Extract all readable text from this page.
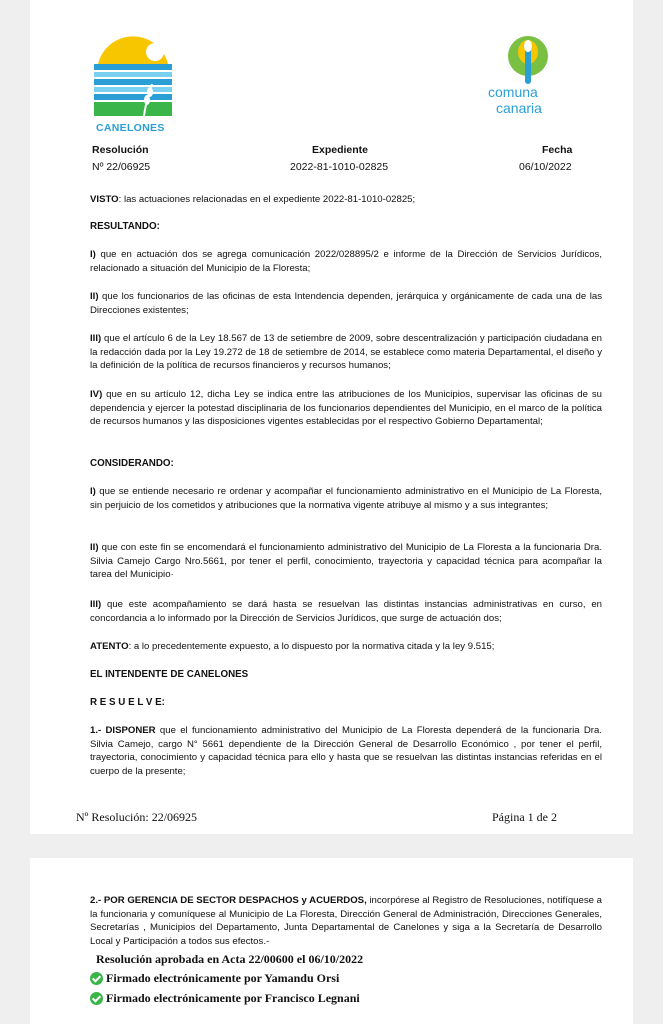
CANELONES
comuna
canaria
Resolución	Expediente	Fecha
Nº 22/06925	2022-81-1010-02825	06/10/2022
VISTO: las actuaciones relacionadas en el expediente 2022-81-1010-02825;
RESULTANDO:
I) que en actuación dos se agrega comunicación 2022/028895/2 e informe de la Dirección de Servicios Jurídicos, relacionado a situación del Municipio de la Floresta;
II) que los funcionarios de las oficinas de esta Intendencia dependen, jerárquica y orgánicamente de cada una de las Direcciones existentes;
III) que el artículo 6 de la Ley 18.567 de 13 de setiembre de 2009, sobre descentralización y participación ciudadana en la redacción dada por la Ley 19.272 de 18 de setiembre de 2014, se establece como materia Departamental, el diseño y la definición de la política de recursos financieros y recursos humanos;
IV) que en su artículo 12, dicha Ley se indica entre las atribuciones de los Municipios, supervisar las oficinas de su dependencia y ejercer la potestad disciplinaria de los funcionarios dependientes del Municipio, en el marco de la política de recursos humanos y las disposiciones vigentes establecidas por el respectivo Gobierno Departamental;
CONSIDERANDO:
I) que se entiende necesario re ordenar y acompañar el funcionamiento administrativo en el Municipio de La Floresta, sin perjuicio de los cometidos y atribuciones que la normativa vigente atribuye al mismo y a sus integrantes;
II) que con este fin se encomendará el funcionamiento administrativo del Municipio de La Floresta a la funcionaria Dra. Silvia Camejo Cargo Nro.5661, por tener el perfil, conocimiento, trayectoria y capacidad técnica para acompañar la tarea del Municipio·
III) que este acompañamiento se dará hasta se resuelvan las distintas instancias administrativas en curso, en concordancia a lo informado por la Dirección de Servicios Jurídicos, que surge de actuación dos;
ATENTO: a lo precedentemente expuesto, a lo dispuesto por la normativa citada y la ley 9.515;
EL INTENDENTE DE CANELONES
R E S U E L V E:
1.- DISPONER que el funcionamiento administrativo del Municipio de La Floresta dependerá de la funcionaria Dra. Silvia Camejo, cargo N° 5661 dependiente de la Dirección General de Desarrollo Económico , por tener el perfil, trayectoria, conocimiento y capacidad técnica para ello y hasta que se resuelvan las distintas instancias referidas en el cuerpo de la presente;
Nº Resolución: 22/06925	Página 1 de 2
2.- POR GERENCIA DE SECTOR DESPACHOS y ACUERDOS, incorpórese al Registro de Resoluciones, notifíquese a la funcionaria y comuníquese al Municipio de La Floresta, Dirección General de Administración, Direcciones Generales, Secretarías , Municipios del Departamento, Junta Departamental de Canelones y siga a la Secretaría de Desarrollo Local y Participación a todos sus efectos.-
Resolución aprobada en Acta 22/00600 el 06/10/2022
Firmado electrónicamente por Yamandu Orsi
Firmado electrónicamente por Francisco Legnani
